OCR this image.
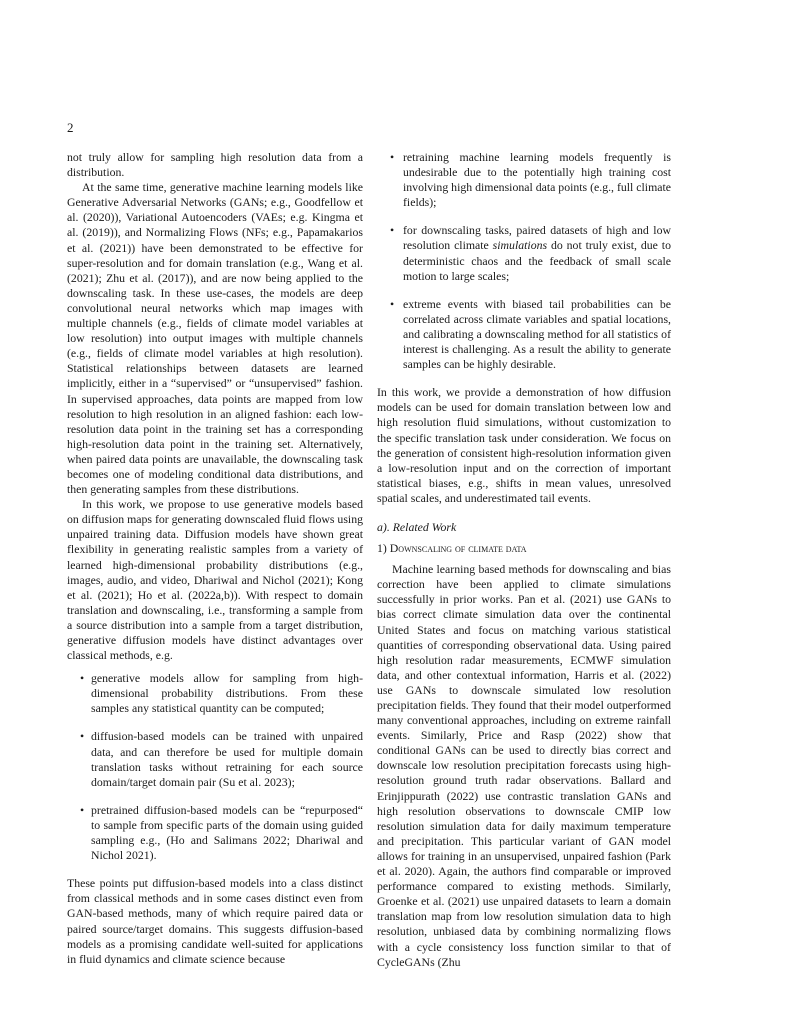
2

not truly allow for sampling high resolution data from a distribution.

At the same time, generative machine learning models like Generative Adversarial Networks (GANs; e.g., Goodfellow et al. (2020)), Variational Autoencoders (VAEs; e.g. Kingma et al. (2019)), and Normalizing Flows (NFs; e.g., Papamakarios et al. (2021)) have been demonstrated to be effective for super-resolution and for domain translation (e.g., Wang et al. (2021); Zhu et al. (2017)), and are now being applied to the downscaling task. In these use-cases, the models are deep convolutional neural networks which map images with multiple channels (e.g., fields of climate model variables at low resolution) into output images with multiple channels (e.g., fields of climate model variables at high resolution). Statistical relationships between datasets are learned implicitly, either in a “supervised” or “unsupervised” fashion. In supervised approaches, data points are mapped from low resolution to high resolution in an aligned fashion: each low-resolution data point in the training set has a corresponding high-resolution data point in the training set. Alternatively, when paired data points are unavailable, the downscaling task becomes one of modeling conditional data distributions, and then generating samples from these distributions.

In this work, we propose to use generative models based on diffusion maps for generating downscaled fluid flows using unpaired training data. Diffusion models have shown great flexibility in generating realistic samples from a variety of learned high-dimensional probability distributions (e.g., images, audio, and video, Dhariwal and Nichol (2021); Kong et al. (2021); Ho et al. (2022a,b)). With respect to domain translation and downscaling, i.e., transforming a sample from a source distribution into a sample from a target distribution, generative diffusion models have distinct advantages over classical methods, e.g.

• generative models allow for sampling from high-dimensional probability distributions. From these samples any statistical quantity can be computed;
• diffusion-based models can be trained with unpaired data, and can therefore be used for multiple domain translation tasks without retraining for each source domain/target domain pair (Su et al. 2023);
• pretrained diffusion-based models can be “repurposed“ to sample from specific parts of the domain using guided sampling e.g., (Ho and Salimans 2022; Dhariwal and Nichol 2021).

These points put diffusion-based models into a class distinct from classical methods and in some cases distinct even from GAN-based methods, many of which require paired data or paired source/target domains. This suggests diffusion-based models as a promising candidate well-suited for applications in fluid dynamics and climate science because

• retraining machine learning models frequently is undesirable due to the potentially high training cost involving high dimensional data points (e.g., full climate fields);
• for downscaling tasks, paired datasets of high and low resolution climate simulations do not truly exist, due to deterministic chaos and the feedback of small scale motion to large scales;
• extreme events with biased tail probabilities can be correlated across climate variables and spatial locations, and calibrating a downscaling method for all statistics of interest is challenging. As a result the ability to generate samples can be highly desirable.

In this work, we provide a demonstration of how diffusion models can be used for domain translation between low and high resolution fluid simulations, without customization to the specific translation task under consideration. We focus on the generation of consistent high-resolution information given a low-resolution input and on the correction of important statistical biases, e.g., shifts in mean values, unresolved spatial scales, and underestimated tail events.

a). Related Work
1) Downscaling of climate data

Machine learning based methods for downscaling and bias correction have been applied to climate simulations successfully in prior works. Pan et al. (2021) use GANs to bias correct climate simulation data over the continental United States and focus on matching various statistical quantities of corresponding observational data. Using paired high resolution radar measurements, ECMWF simulation data, and other contextual information, Harris et al. (2022) use GANs to downscale simulated low resolution precipitation fields. They found that their model outperformed many conventional approaches, including on extreme rainfall events. Similarly, Price and Rasp (2022) show that conditional GANs can be used to directly bias correct and downscale low resolution precipitation forecasts using high-resolution ground truth radar observations. Ballard and Erinjippurath (2022) use contrastic translation GANs and high resolution observations to downscale CMIP low resolution simulation data for daily maximum temperature and precipitation. This particular variant of GAN model allows for training in an unsupervised, unpaired fashion (Park et al. 2020). Again, the authors find comparable or improved performance compared to existing methods. Similarly, Groenke et al. (2021) use unpaired datasets to learn a domain translation map from low resolution simulation data to high resolution, unbiased data by combining normalizing flows with a cycle consistency loss function similar to that of CycleGANs (Zhu
